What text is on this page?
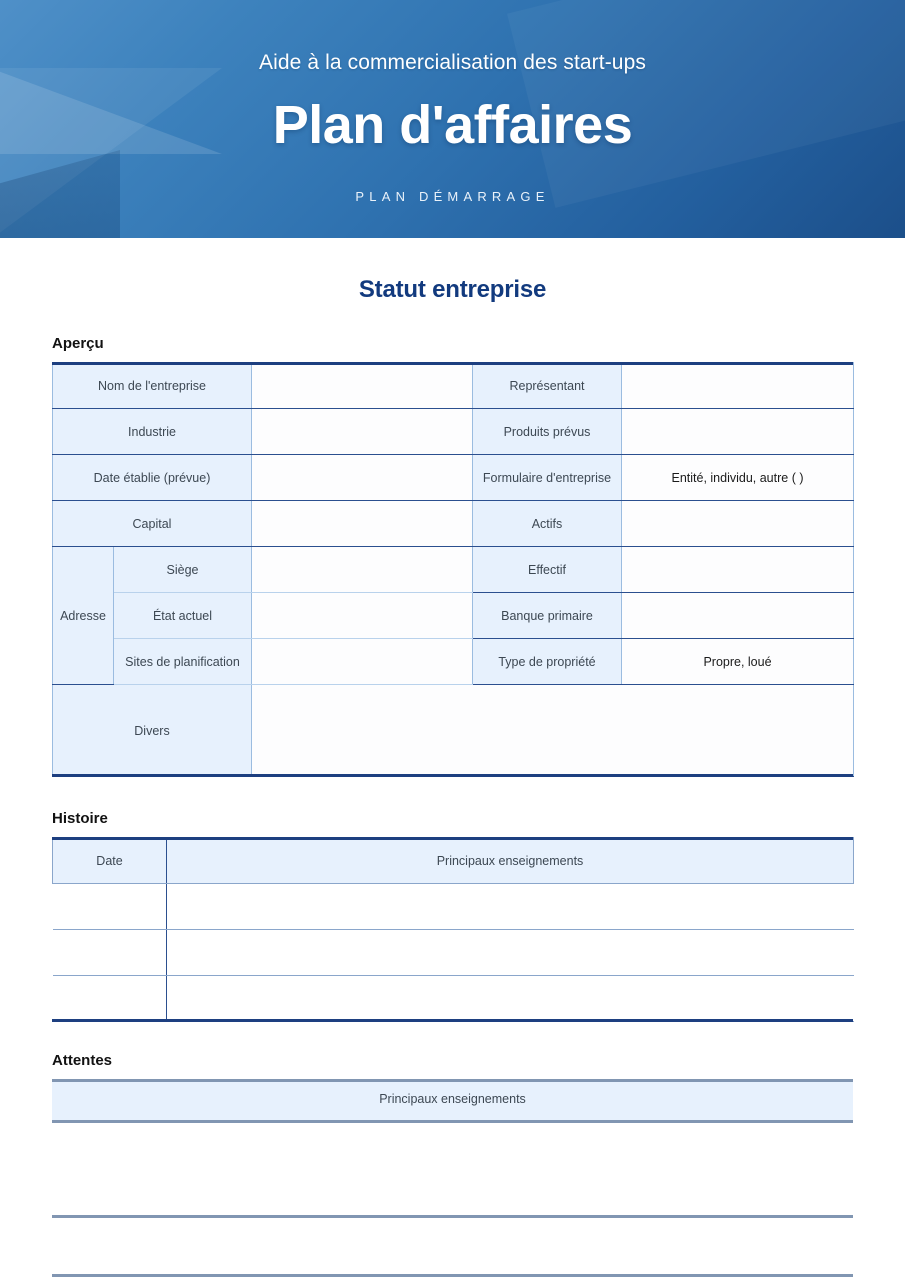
Aide à la commercialisation des start-ups
Plan d'affaires
PLAN DÉMARRAGE
Statut entreprise
Aperçu
Nom de l'entreprise			Représentant	
Industrie			Produits prévus	
Date établie (prévue)			Formulaire d'entreprise	Entité, individu, autre ( )
Capital			Actifs	
Adresse	Siège		Effectif	
	État actuel		Banque primaire	
	Sites de planification		Type de propriété	Propre, loué
Divers				
Histoire
Date	Principaux enseignements

Attentes
Principaux enseignements
